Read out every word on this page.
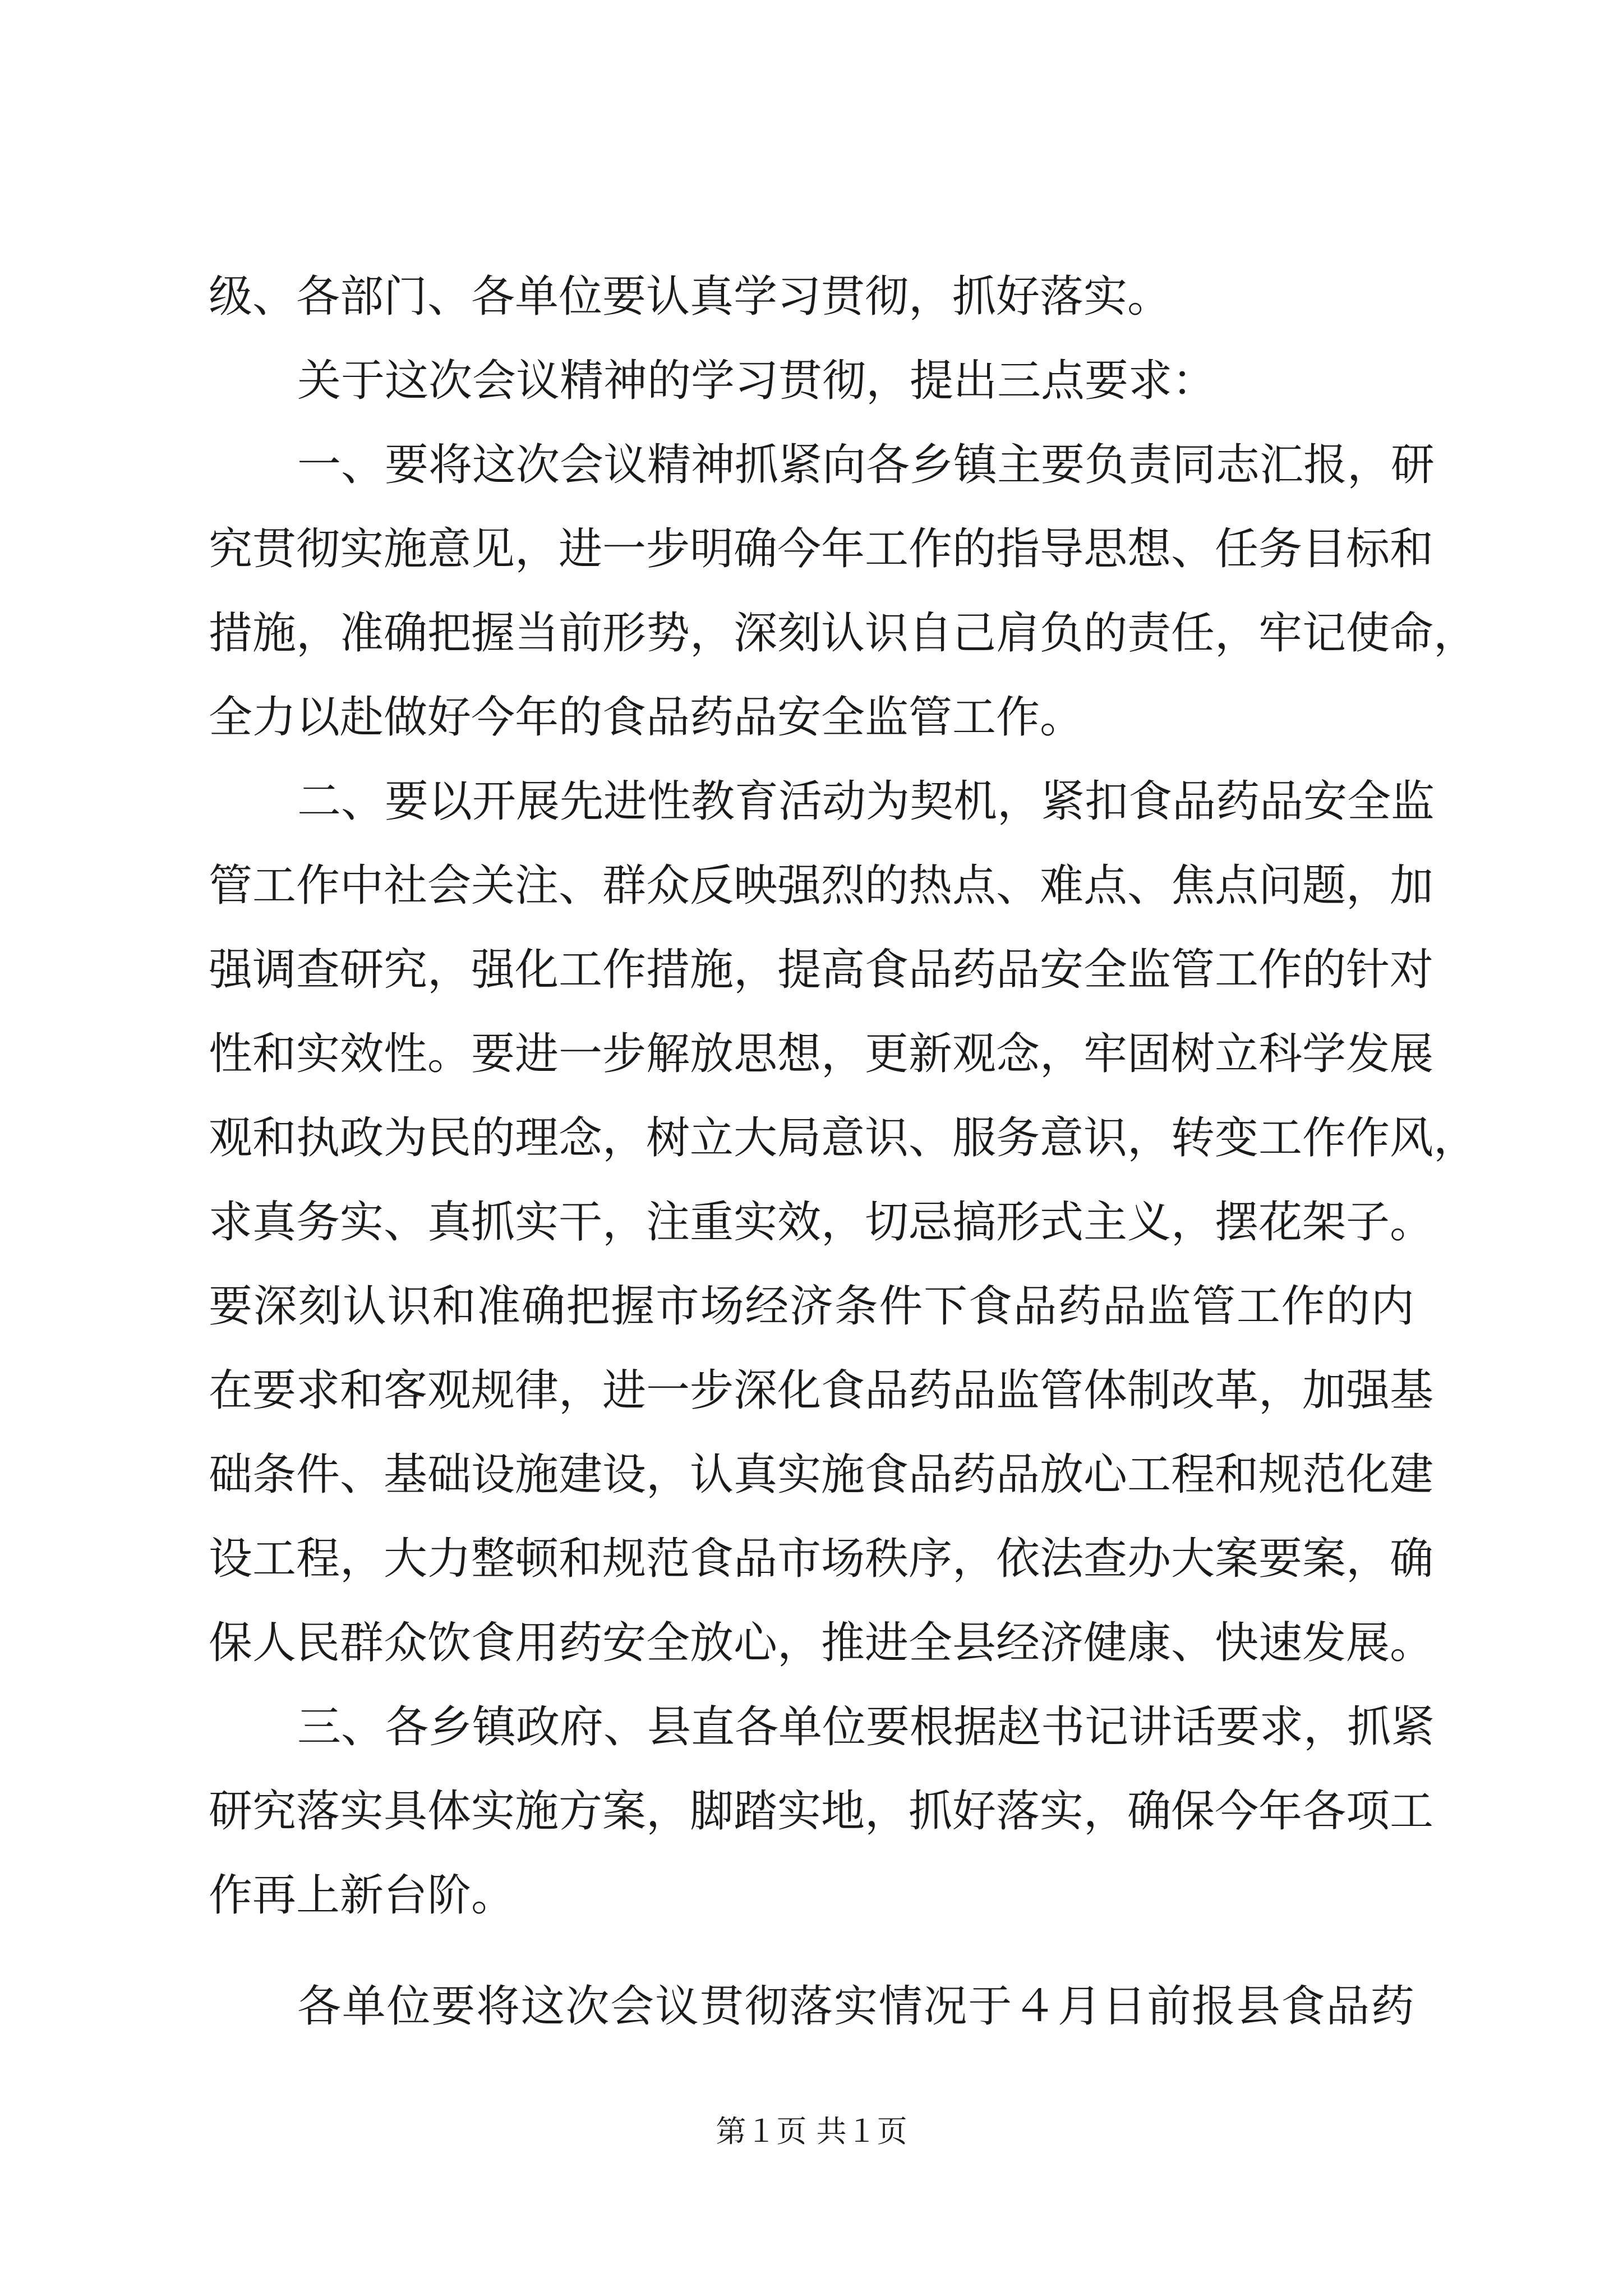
级、各部门、各单位要认真学习贯彻，抓好落实。
关于这次会议精神的学习贯彻，提出三点要求：
一、要将这次会议精神抓紧向各乡镇主要负责同志汇报，研
究贯彻实施意见，进一步明确今年工作的指导思想、任务目标和
措施，准确把握当前形势，深刻认识自己肩负的责任，牢记使命，
全力以赴做好今年的食品药品安全监管工作。
二、要以开展先进性教育活动为契机，紧扣食品药品安全监
管工作中社会关注、群众反映强烈的热点、难点、焦点问题，加
强调查研究，强化工作措施，提高食品药品安全监管工作的针对
性和实效性。要进一步解放思想，更新观念，牢固树立科学发展
观和执政为民的理念，树立大局意识、服务意识，转变工作作风，
求真务实、真抓实干，注重实效，切忌搞形式主义，摆花架子。
要深刻认识和准确把握市场经济条件下食品药品监管工作的内
在要求和客观规律，进一步深化食品药品监管体制改革，加强基
础条件、基础设施建设，认真实施食品药品放心工程和规范化建
设工程，大力整顿和规范食品市场秩序，依法查办大案要案，确
保人民群众饮食用药安全放心，推进全县经济健康、快速发展。
三、各乡镇政府、县直各单位要根据赵书记讲话要求，抓紧
研究落实具体实施方案，脚踏实地，抓好落实，确保今年各项工
作再上新台阶。
各单位要将这次会议贯彻落实情况于４月日前报县食品药
第１页 共１页
